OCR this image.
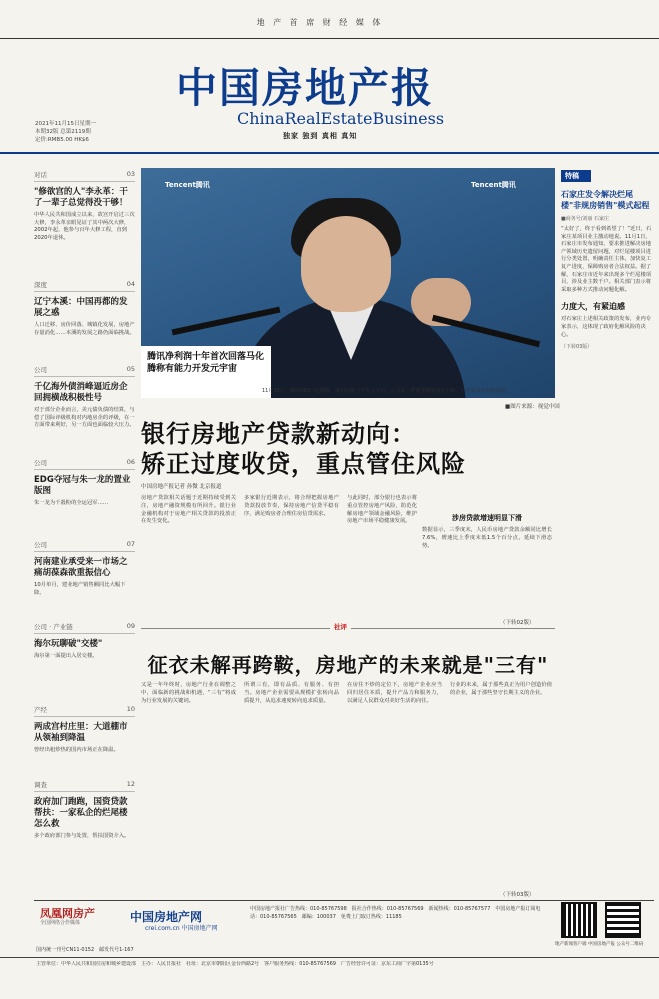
地 产 首 席 财 经 媒 体
中国房地产报
ChinaRealEstateBusiness
独家 独到 真相 真知
2021年11月15日星期一
本期32版 总第2119期
定价:RMB5.00 HK$6
对话	03
"修欲宫的人"李永革：干了一辈子总觉得没干够！
中华人民共和国成立以来，故宫开启过三次大修，李永革亲眼见证了其中两次大修，2002年起，他参与百年大修工程，直到2020年退休。
深度	04
辽宁本溪：中国再都的发展之惑
人口迁移、房价回落、城镇化发展，房地产存量消化……本溪的发展之路仍面临挑战。
公司	05
千亿海外债消峰逼近房企回拥横战积极性号
对于部分企业而言，美元债负债的结算，与偿了国际评级机构对内地房企的评级，在一方面带来利好，另一方面也面临较大压力。
公司	06
EDG夺冠与朱一龙的置业版图
朱一龙为千殺粉的全运冠军……
公司	07
河南建业承受来一市场之痛胡葆森欲重振信心
10月单月，建业地产销售额同比大幅下降。
公司 · 产业链	09
海尔玩聊破"交楼"
海尔第一面提出入居交楼。
产经	10
两成宫村庄里：大道棚市从领袖到降温
曾经出租炒热的国内市场正在降温。
调查	12
政府加门跑跑，国资贷款帮扶：一家私企的烂尾楼怎么救
多个政府部门参与处置，帮扶国资介入。
Tencent腾讯	Tencent腾讯
腾讯净利润十年首次回落马化腾称有能力开发元宇宙
11月10日，腾讯CEO马化腾称，腾讯有能力开发元宇宙。公司第三季度净利润同比下降，十年来首次出现回落。
■图片来源：视觉中国
银行房地产贷款新动向：
矫正过度收贷，重点管住风险
中国房地产报记者 孙微 北京报道
房地产贷款相关话题于近期持续受到关注，房地产融资规模有所回升。银行业金融机构对于房地产相关贷款的投放正在发生变化。
多家银行近期表示，将合理把握房地产贷款投放节奏，保持房地产信贷平稳有序，满足购房者合理住房信贷需求。
与此同时，部分银行也表示将重点管控房地产风险，防范化解房地产领域金融风险，维护房地产市场平稳健康发展。	涉房贷款增速明显下滑
数据显示，三季度末，人民币房地产贷款余额同比增长7.6%，增速比上季度末低1.5个百分点，延续下滑态势。
（下转02版）
社评
征衣未解再跨鞍，房地产的未来就是"三有"
又是一年年终时，房地产行业在调整之中，面临新的挑战和机遇，“三有”将成为行业发展的关键词。
所谓三有，即有品质、有服务、有担当。房地产企业需要从规模扩张转向品质提升，从追求速度转向追求质量。
在房住不炒的定位下，房地产企业应当回归居住本质，提升产品力和服务力，以满足人民群众对美好生活的向往。
行业的未来，属于那些真正为用户创造价值的企业，属于那些坚守长期主义的企业。
（下转03版）
特稿
石家庄发令解决烂尾楼"非规房销售"模式起程
■商务号/刘丽 石家庄
“太好了，终于看到希望了！”近日，石家庄某项目业主激动地说。11月1日，石家庄市发布通知，要求推进解决房地产领域历史遗留问题，对烂尾楼项目进行分类处置，明确责任主体，加快复工复产进度，保障购房者合法权益。据了解，石家庄市近年来出现多个烂尾楼项目，涉及业主数千户。相关部门表示将采取多种方式推动问题化解。
力度大，有紧迫感
对石家庄上述相关政策的发布，业内专家表示，这体现了政府化解风险的决心。
（下转03版）
凤凰网房产
全国网络合作媒体	中国房地产网
crei.com.cn 中国房地产网
中国房地产报社广告热线：010-85767598　报社合作热线：010-85767569　新闻热线：010-85767577　中国房地产报订阅电话：010-85767565　邮编：100037　免费上门取订热线：11185
地产新闻客户端 中国房地产报 公众号二维码
国内统一刊号CN11-0152　邮发代号1-167
主管单位：中华人民共和国住房和城乡建设部　主办：人民日报社　社址：北京市朝阳区金台西路2号　客户服务热线：010-85767569　广告经营许可证：京东工商广字第0135号
